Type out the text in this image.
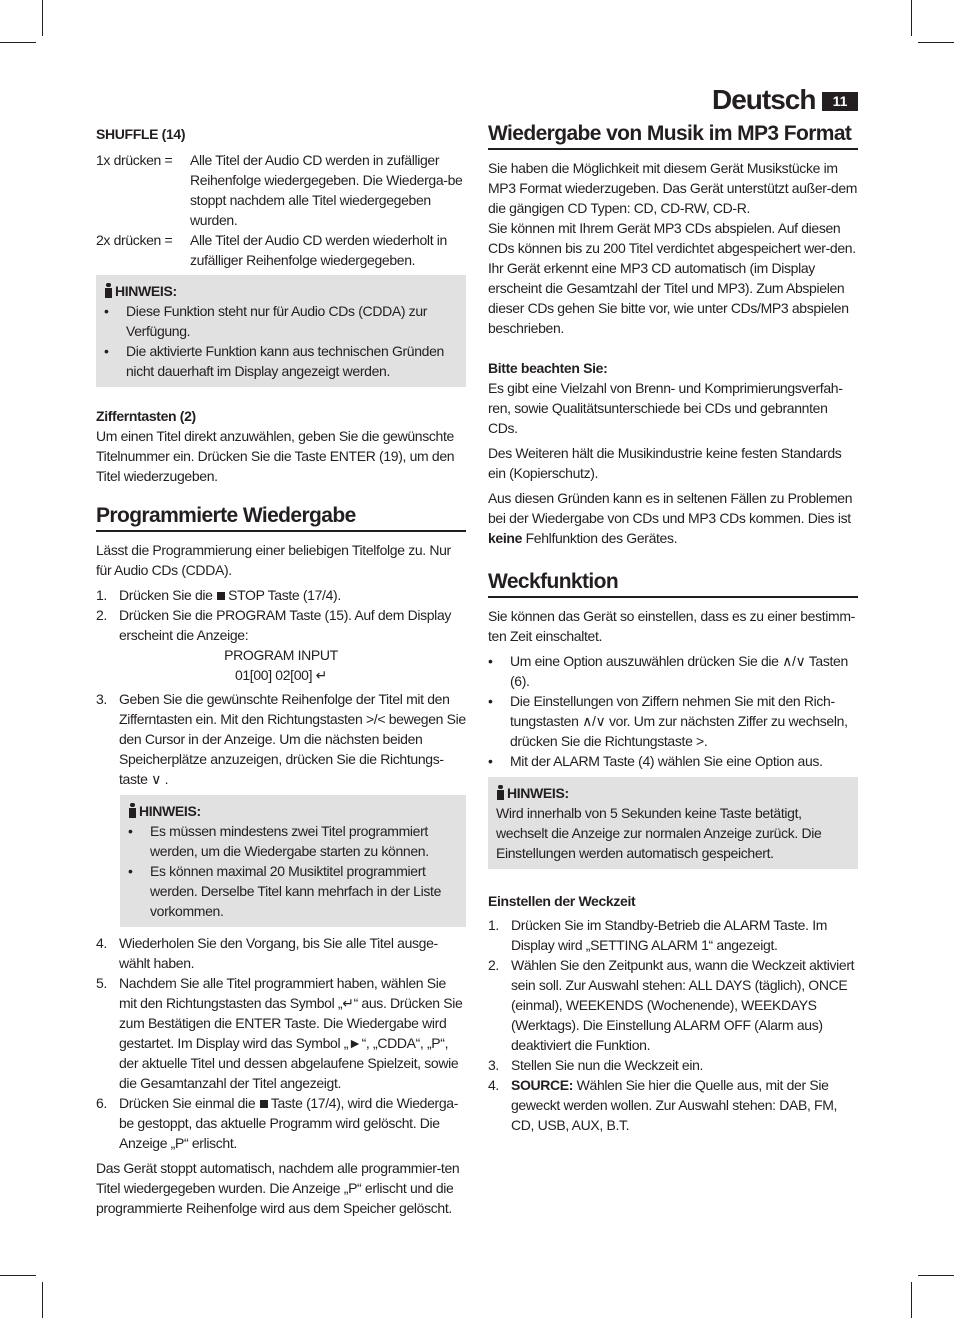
Deutsch	11
SHUFFLE (14)
1x drücken =	Alle Titel der Audio CD werden in zufälliger Reihenfolge wiedergegeben. Die Wiederga-be stoppt nachdem alle Titel wiedergegeben wurden.
2x drücken =	Alle Titel der Audio CD werden wiederholt in zufälliger Reihenfolge wiedergegeben.
HINWEIS:
• Diese Funktion steht nur für Audio CDs (CDDA) zur Verfügung.
• Die aktivierte Funktion kann aus technischen Gründen nicht dauerhaft im Display angezeigt werden.
Zifferntasten (2)
Um einen Titel direkt anzuwählen, geben Sie die gewünschte Titelnummer ein. Drücken Sie die Taste ENTER (19), um den Titel wiederzugeben.
Programmierte Wiedergabe
Lässt die Programmierung einer beliebigen Titelfolge zu. Nur für Audio CDs (CDDA).
1. Drücken Sie die STOP Taste (17/4).
2. Drücken Sie die PROGRAM Taste (15). Auf dem Display erscheint die Anzeige:
PROGRAM INPUT
01[00] 02[00] ↵
3. Geben Sie die gewünschte Reihenfolge der Titel mit den Zifferntasten ein. Mit den Richtungstasten >/< bewegen Sie den Cursor in der Anzeige. Um die nächsten beiden Speicherplätze anzuzeigen, drücken Sie die Richtungs-taste ∨ .
HINWEIS:
• Es müssen mindestens zwei Titel programmiert werden, um die Wiedergabe starten zu können.
• Es können maximal 20 Musiktitel programmiert werden. Derselbe Titel kann mehrfach in der Liste vorkommen.
4. Wiederholen Sie den Vorgang, bis Sie alle Titel ausge-wählt haben.
5. Nachdem Sie alle Titel programmiert haben, wählen Sie mit den Richtungstasten das Symbol „↵“ aus. Drücken Sie zum Bestätigen die ENTER Taste. Die Wiedergabe wird gestartet. Im Display wird das Symbol „►“, „CDDA“, „P“, der aktuelle Titel und dessen abgelaufene Spielzeit, sowie die Gesamtanzahl der Titel angezeigt.
6. Drücken Sie einmal die Taste (17/4), wird die Wiederga-be gestoppt, das aktuelle Programm wird gelöscht. Die Anzeige „P“ erlischt.
Das Gerät stoppt automatisch, nachdem alle programmier-ten Titel wiedergegeben wurden. Die Anzeige „P“ erlischt und die programmierte Reihenfolge wird aus dem Speicher gelöscht.
Wiedergabe von Musik im MP3 Format
Sie haben die Möglichkeit mit diesem Gerät Musikstücke im MP3 Format wiederzugeben. Das Gerät unterstützt außer-dem die gängigen CD Typen: CD, CD-RW, CD-R.
Sie können mit Ihrem Gerät MP3 CDs abspielen. Auf diesen CDs können bis zu 200 Titel verdichtet abgespeichert wer-den. Ihr Gerät erkennt eine MP3 CD automatisch (im Display erscheint die Gesamtzahl der Titel und MP3). Zum Abspielen dieser CDs gehen Sie bitte vor, wie unter CDs/MP3 abspielen beschrieben.
Bitte beachten Sie:
Es gibt eine Vielzahl von Brenn- und Komprimierungsverfah-ren, sowie Qualitätsunterschiede bei CDs und gebrannten CDs.
Des Weiteren hält die Musikindustrie keine festen Standards ein (Kopierschutz).
Aus diesen Gründen kann es in seltenen Fällen zu Problemen bei der Wiedergabe von CDs und MP3 CDs kommen. Dies ist keine Fehlfunktion des Gerätes.
Weckfunktion
Sie können das Gerät so einstellen, dass es zu einer bestimm-ten Zeit einschaltet.
• Um eine Option auszuwählen drücken Sie die ∧/∨ Tasten (6).
• Die Einstellungen von Ziffern nehmen Sie mit den Rich-tungstasten ∧/∨ vor. Um zur nächsten Ziffer zu wechseln, drücken Sie die Richtungstaste >.
• Mit der ALARM Taste (4) wählen Sie eine Option aus.
HINWEIS:
Wird innerhalb von 5 Sekunden keine Taste betätigt, wechselt die Anzeige zur normalen Anzeige zurück. Die Einstellungen werden automatisch gespeichert.
Einstellen der Weckzeit
1. Drücken Sie im Standby-Betrieb die ALARM Taste. Im Display wird „SETTING ALARM 1“ angezeigt.
2. Wählen Sie den Zeitpunkt aus, wann die Weckzeit aktiviert sein soll. Zur Auswahl stehen: ALL DAYS (täglich), ONCE (einmal), WEEKENDS (Wochenende), WEEKDAYS (Werktags). Die Einstellung ALARM OFF (Alarm aus) deaktiviert die Funktion.
3. Stellen Sie nun die Weckzeit ein.
4. SOURCE: Wählen Sie hier die Quelle aus, mit der Sie geweckt werden wollen. Zur Auswahl stehen: DAB, FM, CD, USB, AUX, B.T.
